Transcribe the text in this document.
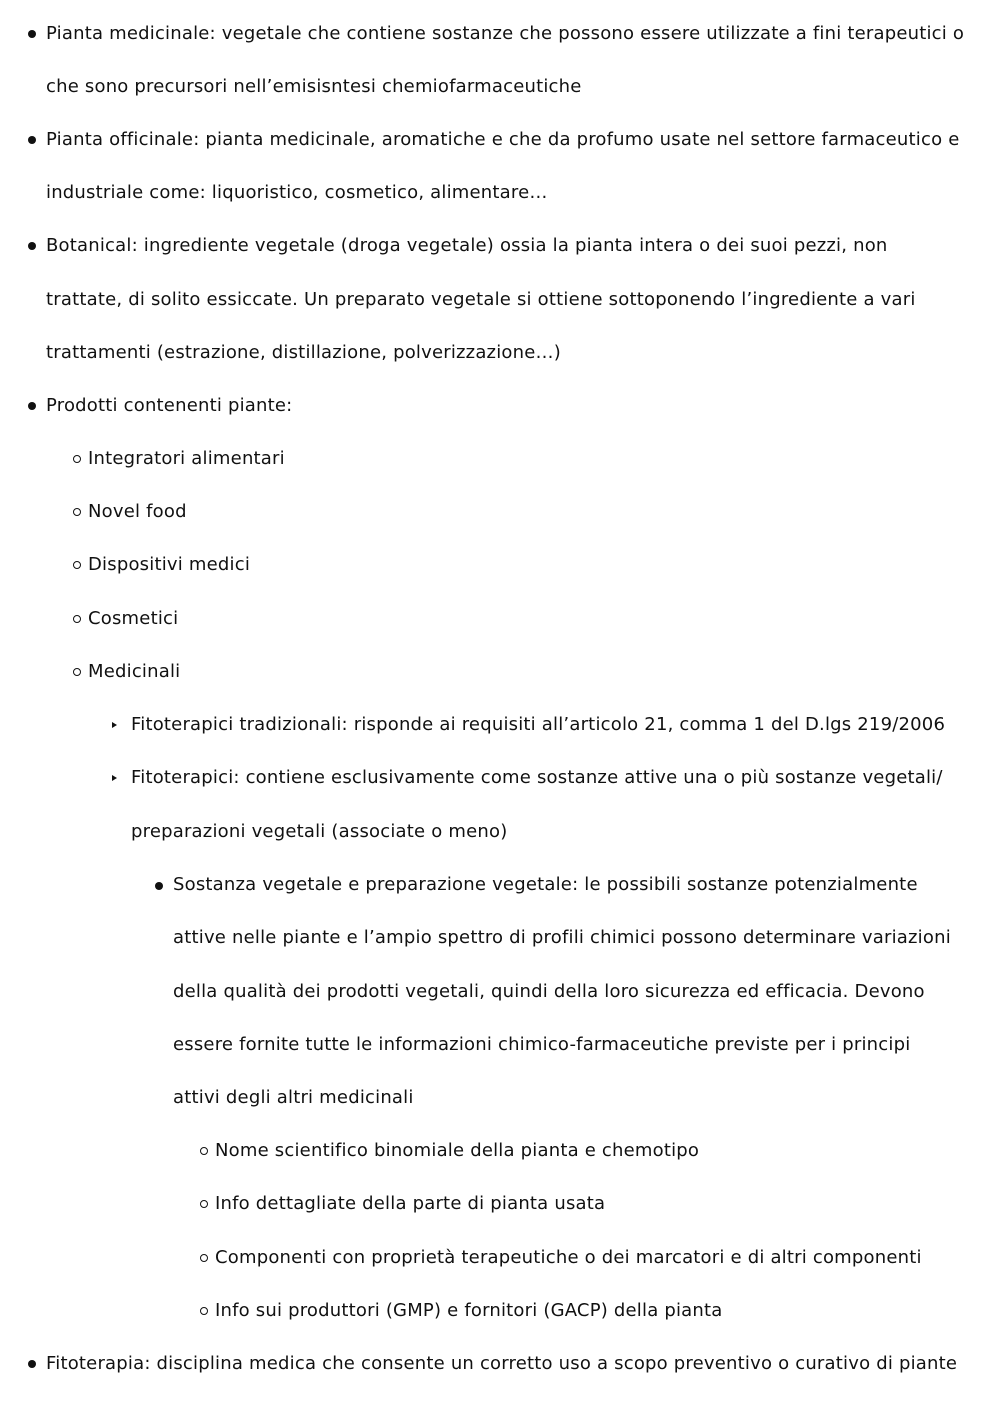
Pianta medicinale: vegetale che contiene sostanze che possono essere utilizzate a fini terapeutici o
che sono precursori nell’emisisntesi chemiofarmaceutiche
Pianta officinale: pianta medicinale, aromatiche e che da profumo usate nel settore farmaceutico e
industriale come: liquoristico, cosmetico, alimentare…
Botanical: ingrediente vegetale (droga vegetale) ossia la pianta intera o dei suoi pezzi, non
trattate, di solito essiccate. Un preparato vegetale si ottiene sottoponendo l’ingrediente a vari
trattamenti (estrazione, distillazione, polverizzazione…)
Prodotti contenenti piante:
Integratori alimentari
Novel food
Dispositivi medici
Cosmetici
Medicinali
Fitoterapici tradizionali: risponde ai requisiti all’articolo 21, comma 1 del D.lgs 219/2006
Fitoterapici: contiene esclusivamente come sostanze attive una o più sostanze vegetali/
preparazioni vegetali (associate o meno)
Sostanza vegetale e preparazione vegetale: le possibili sostanze potenzialmente
attive nelle piante e l’ampio spettro di profili chimici possono determinare variazioni
della qualità dei prodotti vegetali, quindi della loro sicurezza ed efficacia. Devono
essere fornite tutte le informazioni chimico-farmaceutiche previste per i principi
attivi degli altri medicinali
Nome scientifico binomiale della pianta e chemotipo
Info dettagliate della parte di pianta usata
Componenti con proprietà terapeutiche o dei marcatori e di altri componenti
Info sui produttori (GMP) e fornitori (GACP) della pianta
Fitoterapia: disciplina medica che consente un corretto uso a scopo preventivo o curativo di piante
